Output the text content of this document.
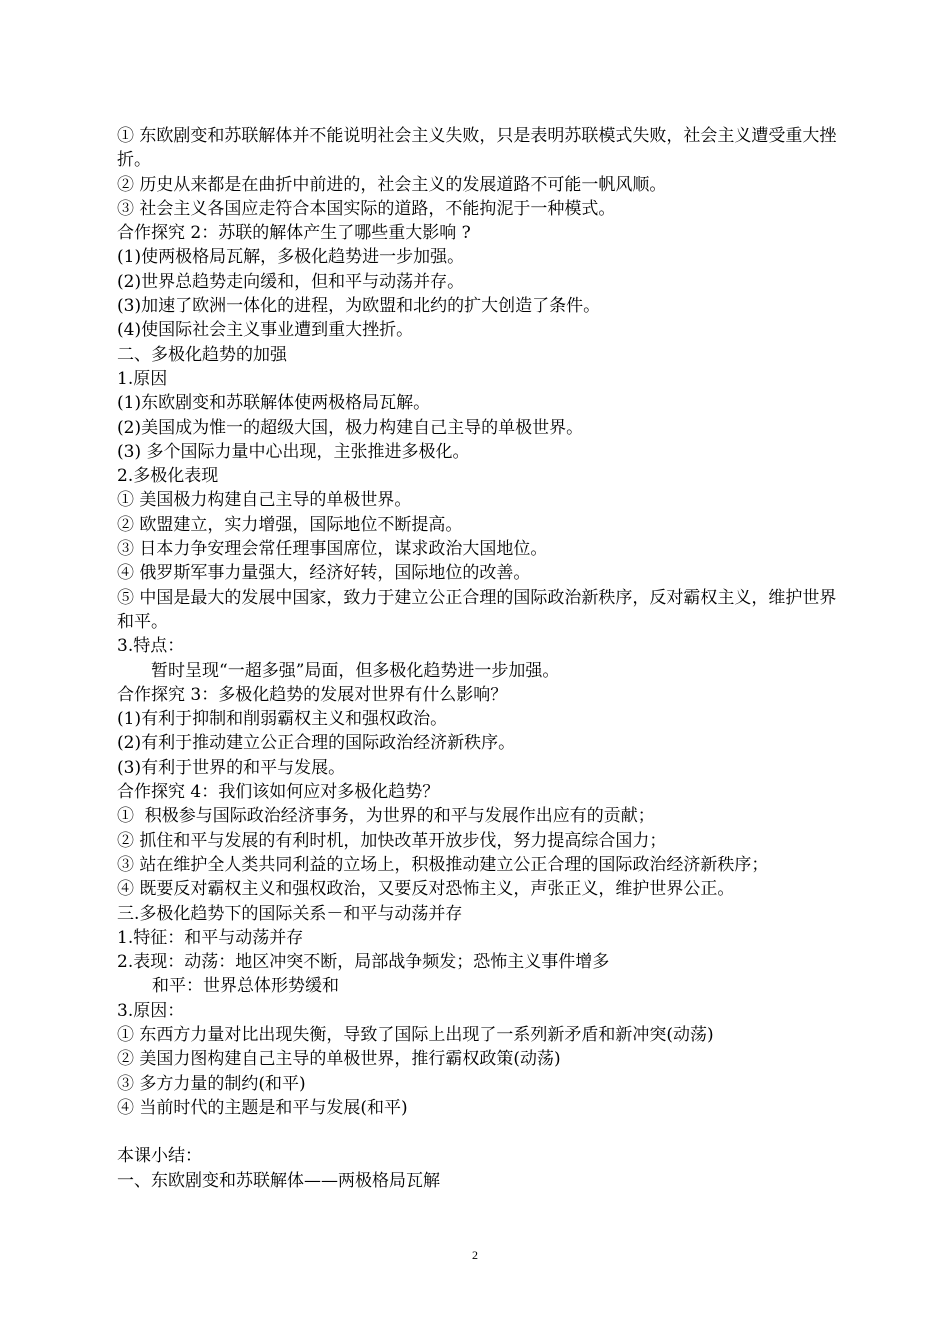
① 东欧剧变和苏联解体并不能说明社会主义失败，只是表明苏联模式失败，社会主义遭受重大挫折。

② 历史从来都是在曲折中前进的，社会主义的发展道路不可能一帆风顺。

③ 社会主义各国应走符合本国实际的道路，不能拘泥于一种模式。

合作探究 2：苏联的解体产生了哪些重大影响 ?

(1)使两极格局瓦解，多极化趋势进一步加强。

(2)世界总趋势走向缓和，但和平与动荡并存。

(3)加速了欧洲一体化的进程，为欧盟和北约的扩大创造了条件。

(4)使国际社会主义事业遭到重大挫折。

二、多极化趋势的加强

1.原因

(1)东欧剧变和苏联解体使两极格局瓦解。

(2)美国成为惟一的超级大国，极力构建自己主导的单极世界。

(3) 多个国际力量中心出现，主张推进多极化。

2.多极化表现

① 美国极力构建自己主导的单极世界。

② 欧盟建立，实力增强，国际地位不断提高。

③ 日本力争安理会常任理事国席位，谋求政治大国地位。

④ 俄罗斯军事力量强大，经济好转，国际地位的改善。

⑤ 中国是最大的发展中国家，致力于建立公正合理的国际政治新秩序，反对霸权主义，维护世界和平。

3.特点：

暂时呈现“一超多强”局面，但多极化趋势进一步加强。

合作探究 3：多极化趋势的发展对世界有什么影响？

(1)有利于抑制和削弱霸权主义和强权政治。

(2)有利于推动建立公正合理的国际政治经济新秩序。

(3)有利于世界的和平与发展。

合作探究 4：我们该如何应对多极化趋势？

①  积极参与国际政治经济事务，为世界的和平与发展作出应有的贡献；

② 抓住和平与发展的有利时机，加快改革开放步伐，努力提高综合国力；

③ 站在维护全人类共同利益的立场上，积极推动建立公正合理的国际政治经济新秩序；

④ 既要反对霸权主义和强权政治，又要反对恐怖主义，声张正义，维护世界公正。

三.多极化趋势下的国际关系－和平与动荡并存

1.特征：和平与动荡并存

2.表现：动荡：地区冲突不断，局部战争频发；恐怖主义事件增多

和平：世界总体形势缓和

3.原因：

① 东西方力量对比出现失衡，导致了国际上出现了一系列新矛盾和新冲突(动荡)

② 美国力图构建自己主导的单极世界，推行霸权政策(动荡)

③ 多方力量的制约(和平)

④ 当前时代的主题是和平与发展(和平)

本课小结：

一、东欧剧变和苏联解体——两极格局瓦解

2
